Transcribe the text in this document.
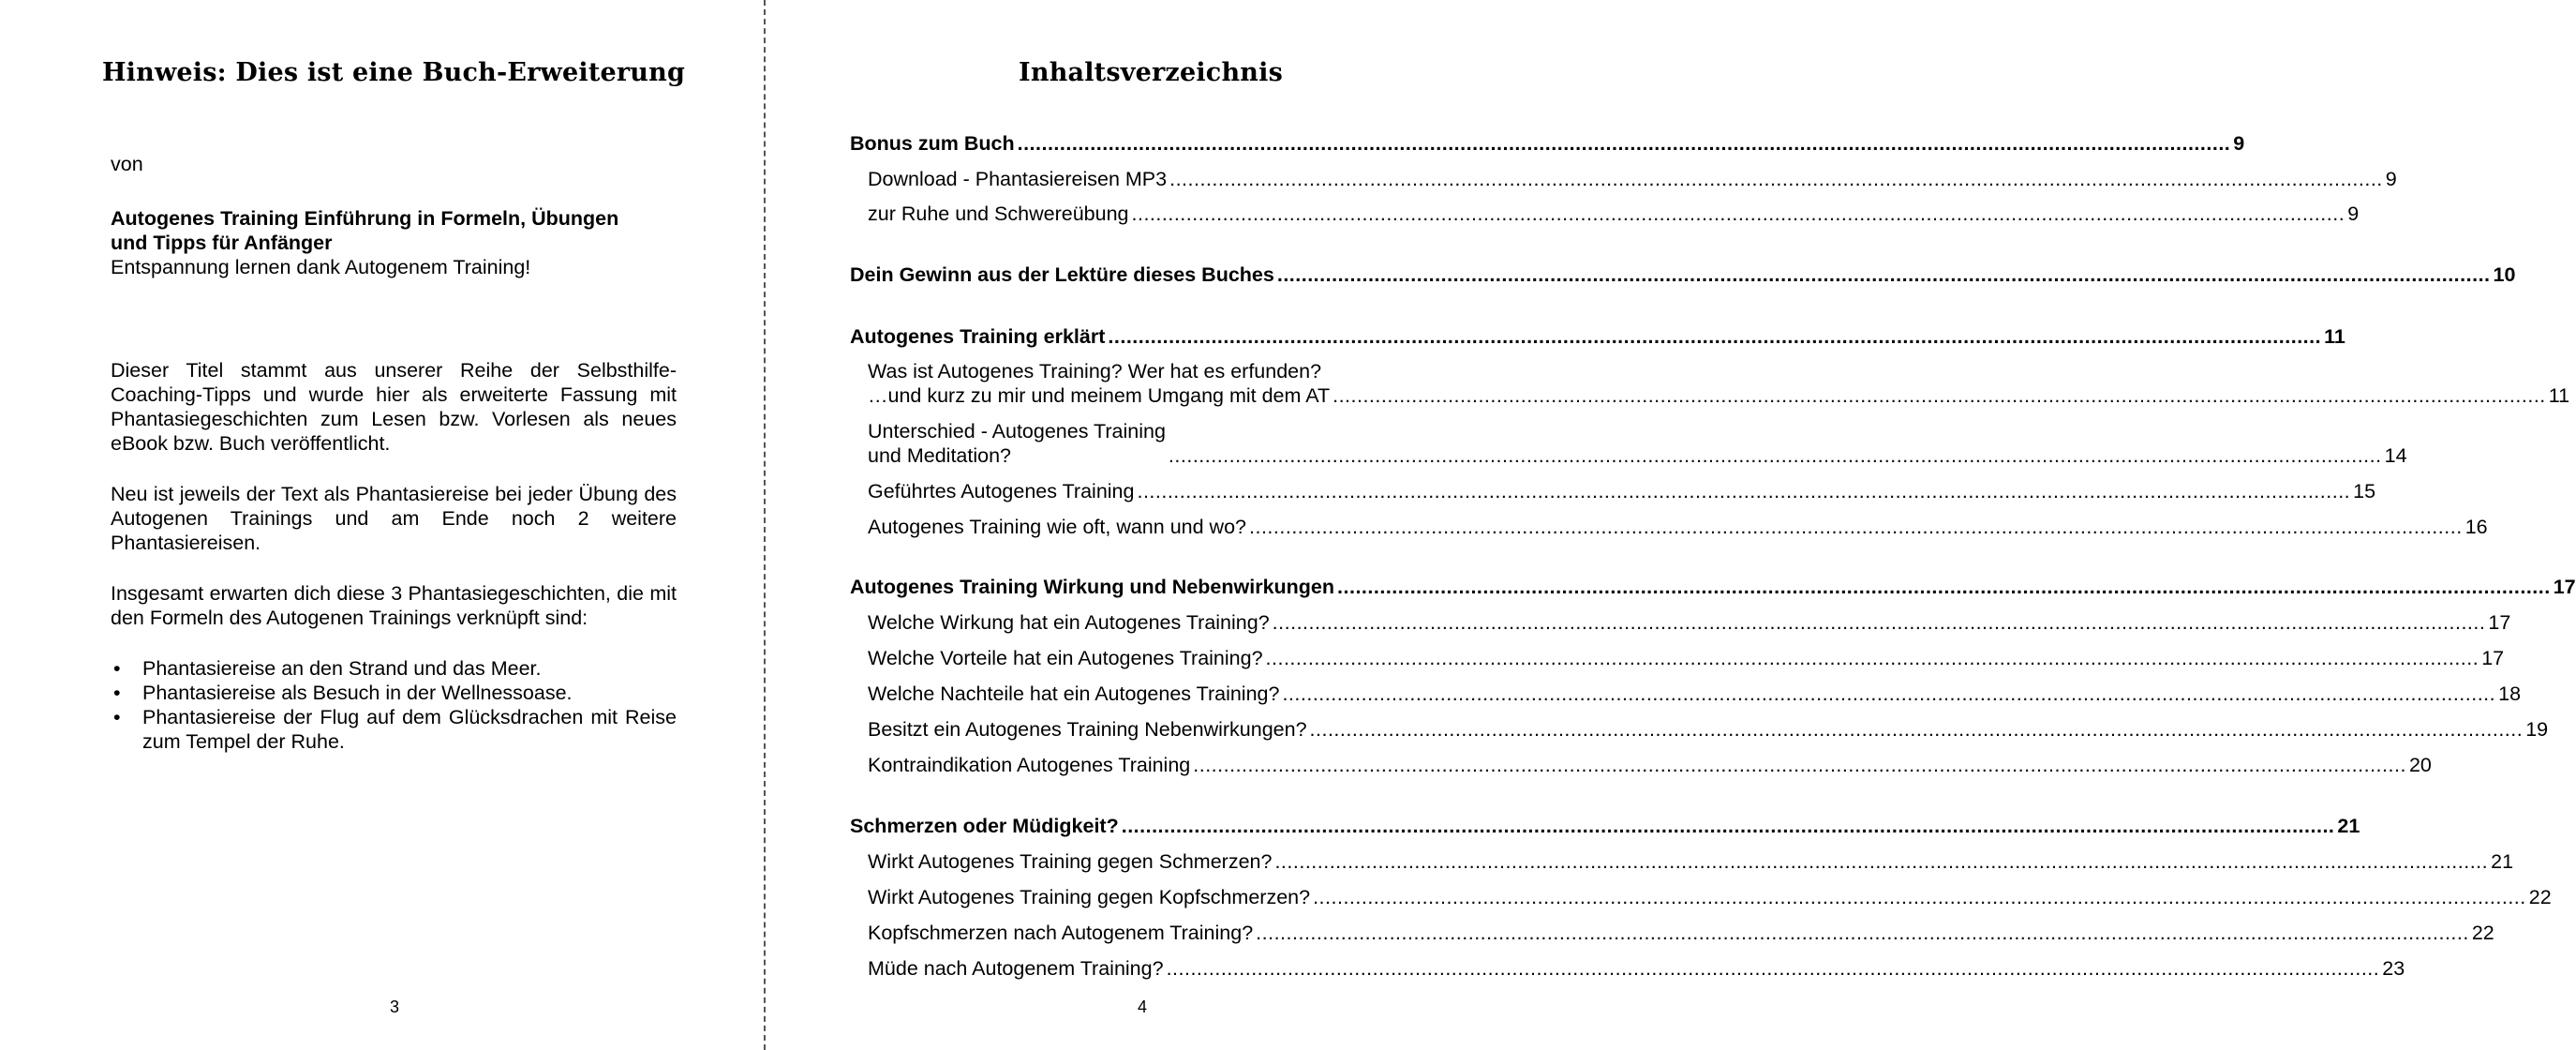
Hinweis: Dies ist eine Buch-Erweiterung

von

Autogenes Training Einführung in Formeln, Übungen
und Tipps für Anfänger

Entspannung lernen dank Autogenem Training!

Dieser Titel stammt aus unserer Reihe der Selbsthilfe-Coaching-Tipps und wurde hier als erweiterte Fassung mit Phantasiegeschichten zum Lesen bzw. Vorlesen als neues eBook bzw. Buch veröffentlicht.

Neu ist jeweils der Text als Phantasiereise bei jeder Übung des Autogenen Trainings und am Ende noch 2 weitere Phantasiereisen.

Insgesamt erwarten dich diese 3 Phantasiegeschichten, die mit den Formeln des Autogenen Trainings verknüpft sind:

• Phantasiereise an den Strand und das Meer.
• Phantasiereise als Besuch in der Wellnessoase.
• Phantasiereise der Flug auf dem Glücksdrachen mit Reise zum Tempel der Ruhe.
3
Inhaltsverzeichnis
Bonus zum Buch ........................................................................................................................................................................................................ 9
Download - Phantasiereisen MP3 ........................................................................................................................................................................................................ 9
zur Ruhe und Schwereübung ........................................................................................................................................................................................................ 9
Dein Gewinn aus der Lektüre dieses Buches ........................................................................................................................................................................................................ 10
Autogenes Training erklärt ........................................................................................................................................................................................................ 11
Was ist Autogenes Training? Wer hat es erfunden?
…und kurz zu mir und meinem Umgang mit dem AT ........................................................................................................................................................................................................ 11
Unterschied - Autogenes Training
und Meditation?	........................................................................................................................................................................................................ 14
Geführtes Autogenes Training ........................................................................................................................................................................................................ 15
Autogenes Training wie oft, wann und wo? ........................................................................................................................................................................................................ 16
Autogenes Training Wirkung und Nebenwirkungen ........................................................................................................................................................................................................ 17
Welche Wirkung hat ein Autogenes Training? ........................................................................................................................................................................................................ 17
Welche Vorteile hat ein Autogenes Training? ........................................................................................................................................................................................................ 17
Welche Nachteile hat ein Autogenes Training? ........................................................................................................................................................................................................ 18
Besitzt ein Autogenes Training Nebenwirkungen? ........................................................................................................................................................................................................ 19
Kontraindikation Autogenes Training ........................................................................................................................................................................................................ 20
Schmerzen oder Müdigkeit? ........................................................................................................................................................................................................ 21
Wirkt Autogenes Training gegen Schmerzen? ........................................................................................................................................................................................................ 21
Wirkt Autogenes Training gegen Kopfschmerzen? ........................................................................................................................................................................................................ 22
Kopfschmerzen nach Autogenem Training? ........................................................................................................................................................................................................ 22
Müde nach Autogenem Training? ........................................................................................................................................................................................................ 23
4
